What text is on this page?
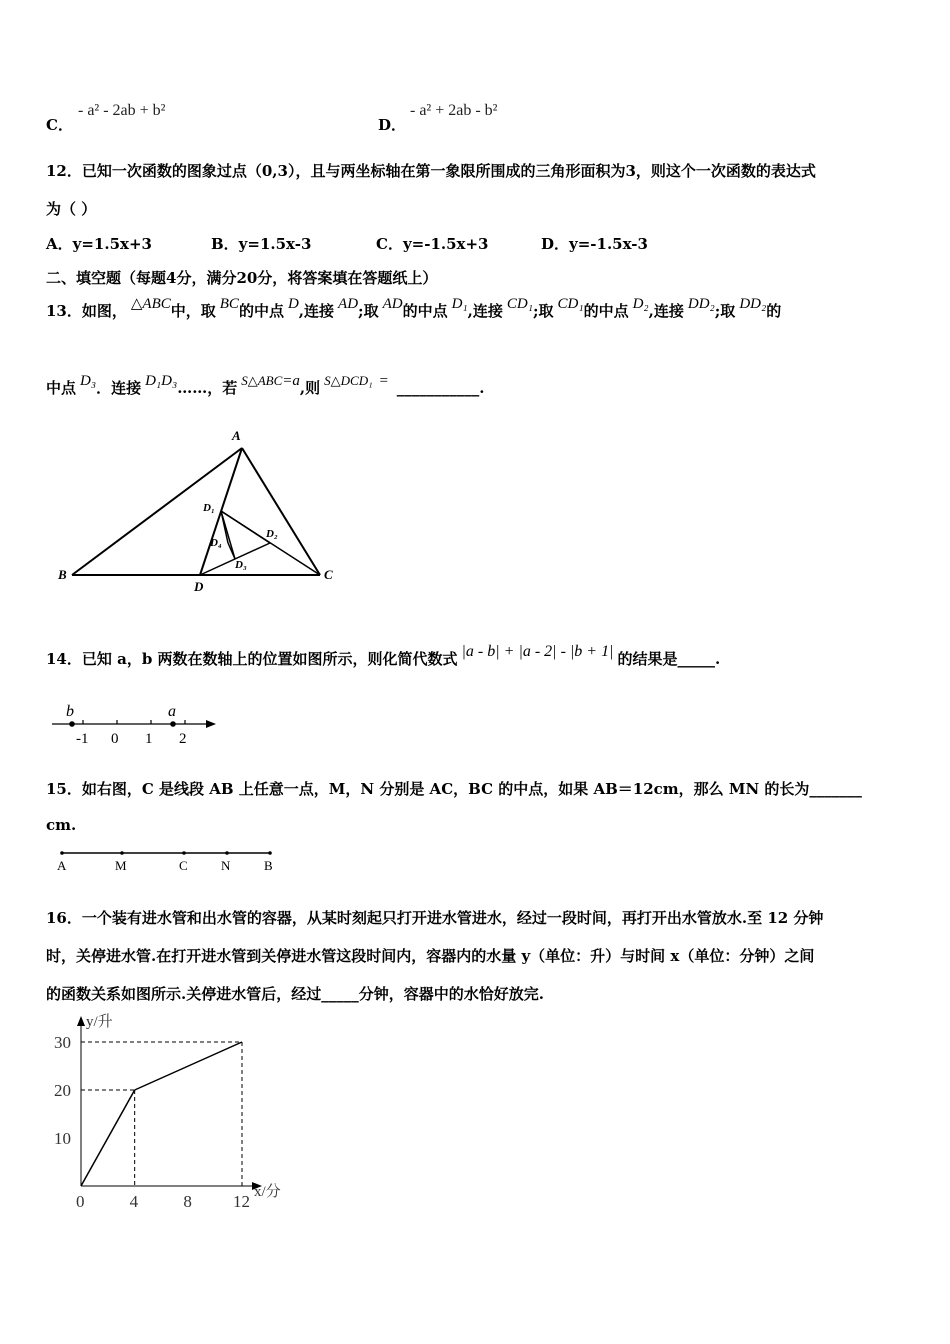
C．
- a² - 2ab + b²
D．
- a² + 2ab - b²
12．已知一次函数的图象过点（0,3），且与两坐标轴在第一象限所围成的三角形面积为3，则这个一次函数的表达式
为（ ）
A．y=1.5x+3	B．y=1.5x-3	C．y=-1.5x+3	D．y=-1.5x-3
二、填空题（每题4分，满分20分，将答案填在答题纸上）
13．如图， △ABC 中，取 BC 的中点 D ,连接 AD ;取 AD 的中点 D₁ ,连接 CD₁ ;取 CD₁ 的中点 D₂ ,连接 DD₂ ;取 DD₂ 的
中点 D₃ ．连接 D₁D₃ ……，若 S△ABC =a ,则 S△DCD₁ = ___________ .
A
B	C
D
D₁
D₂
D₃
D₄
14．已知 a，b 两数在数轴上的位置如图所示，则化简代数式 |a - b| + |a - 2| - |b + 1| 的结果是_____.
b	a
-1 0 1 2
15．如右图，C 是线段 AB 上任意一点，M，N 分别是 AC，BC 的中点，如果 AB＝12cm，那么 MN 的长为_______
cm.
A	M	C	N	B
16．一个装有进水管和出水管的容器，从某时刻起只打开进水管进水，经过一段时间，再打开出水管放水.至 12 分钟
时，关停进水管.在打开进水管到关停进水管这段时间内，容器内的水量 y（单位：升）与时间 x（单位：分钟）之间
的函数关系如图所示.关停进水管后，经过_____分钟，容器中的水恰好放完.
0	4	8 12
10
20
30
y/升
x/分
